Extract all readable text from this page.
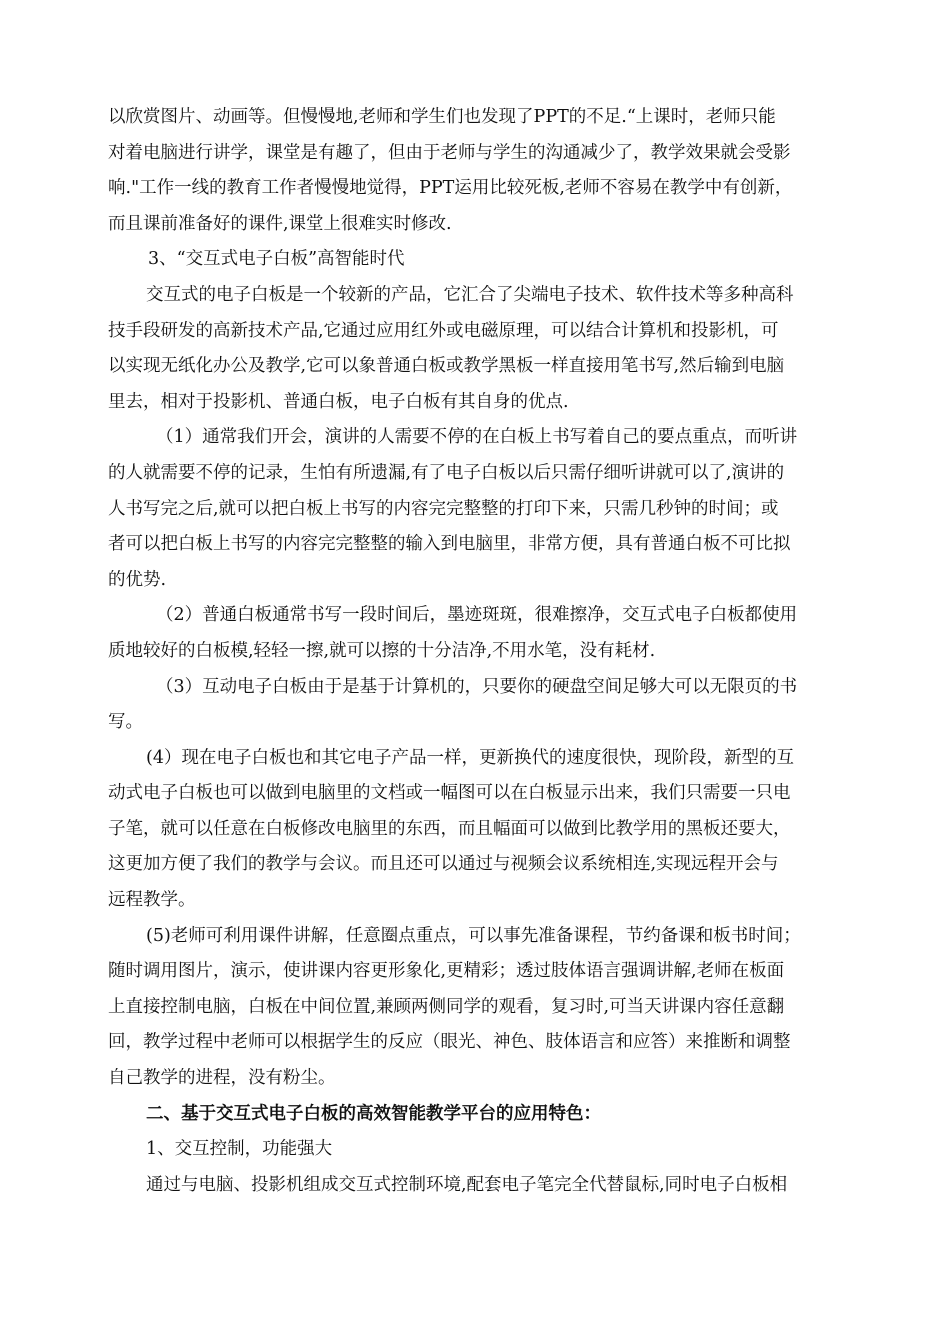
以欣赏图片、动画等。但慢慢地,老师和学生们也发现了PPT的不足.“上课时，老师只能
对着电脑进行讲学，课堂是有趣了，但由于老师与学生的沟通减少了，教学效果就会受影
响."工作一线的教育工作者慢慢地觉得，PPT运用比较死板,老师不容易在教学中有创新，
而且课前准备好的课件,课堂上很难实时修改.
3、“交互式电子白板”高智能时代
交互式的电子白板是一个较新的产品，它汇合了尖端电子技术、软件技术等多种高科
技手段研发的高新技术产品,它通过应用红外或电磁原理，可以结合计算机和投影机，可
以实现无纸化办公及教学,它可以象普通白板或教学黑板一样直接用笔书写,然后输到电脑
里去，相对于投影机、普通白板，电子白板有其自身的优点.
（1）通常我们开会，演讲的人需要不停的在白板上书写着自己的要点重点，而听讲
的人就需要不停的记录，生怕有所遗漏,有了电子白板以后只需仔细听讲就可以了,演讲的
人书写完之后,就可以把白板上书写的内容完完整整的打印下来，只需几秒钟的时间；或
者可以把白板上书写的内容完完整整的输入到电脑里，非常方便，具有普通白板不可比拟
的优势.
（2）普通白板通常书写一段时间后，墨迹斑斑，很难擦净，交互式电子白板都使用
质地较好的白板模,轻轻一擦,就可以擦的十分洁净,不用水笔，没有耗材.
（3）互动电子白板由于是基于计算机的，只要你的硬盘空间足够大可以无限页的书
写。
(4）现在电子白板也和其它电子产品一样，更新换代的速度很快，现阶段，新型的互
动式电子白板也可以做到电脑里的文档或一幅图可以在白板显示出来，我们只需要一只电
子笔，就可以任意在白板修改电脑里的东西，而且幅面可以做到比教学用的黑板还要大，
这更加方便了我们的教学与会议。而且还可以通过与视频会议系统相连,实现远程开会与
远程教学。
(5)老师可利用课件讲解，任意圈点重点，可以事先准备课程，节约备课和板书时间；
随时调用图片，演示，使讲课内容更形象化,更精彩；透过肢体语言强调讲解,老师在板面
上直接控制电脑，白板在中间位置,兼顾两侧同学的观看，复习时,可当天讲课内容任意翻
回，教学过程中老师可以根据学生的反应（眼光、神色、肢体语言和应答）来推断和调整
自己教学的进程，没有粉尘。
二、基于交互式电子白板的高效智能教学平台的应用特色：
1、交互控制，功能强大
通过与电脑、投影机组成交互式控制环境,配套电子笔完全代替鼠标,同时电子白板相
